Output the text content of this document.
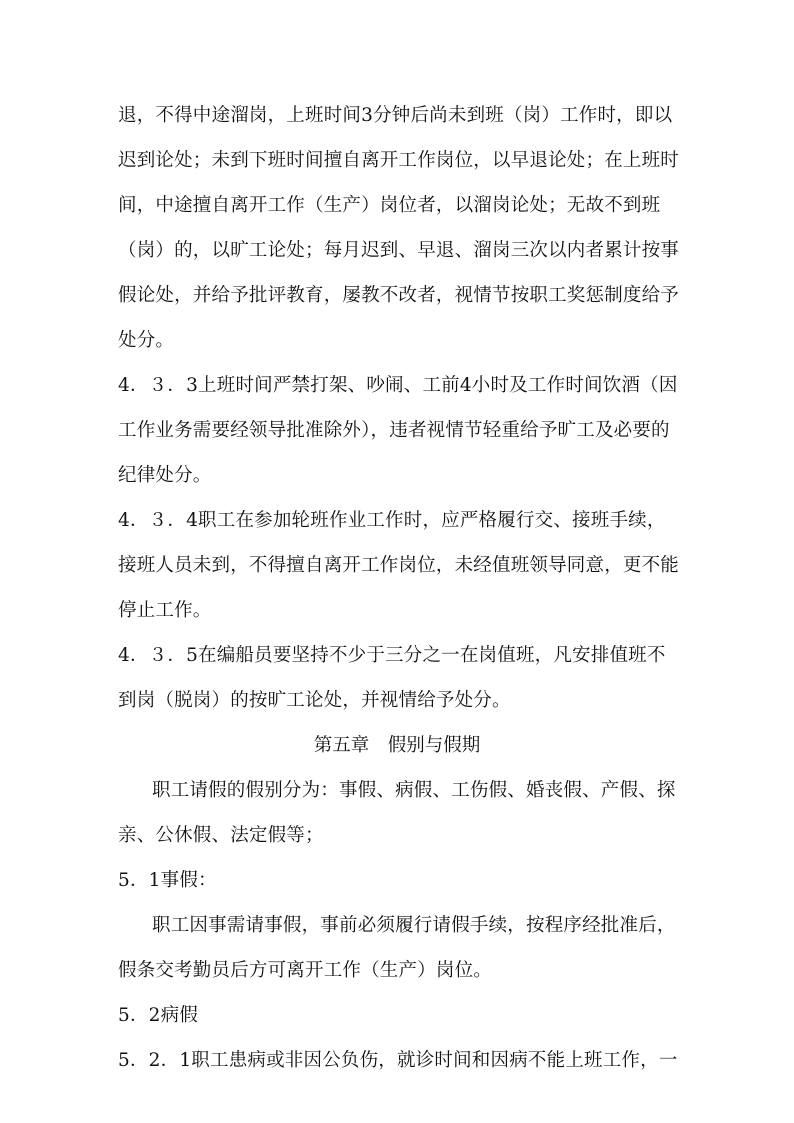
退，不得中途溜岗，上班时间3分钟后尚未到班（岗）工作时，即以
迟到论处；未到下班时间擅自离开工作岗位，以早退论处；在上班时
间，中途擅自离开工作（生产）岗位者，以溜岗论处；无故不到班
（岗）的，以旷工论处；每月迟到、早退、溜岗三次以内者累计按事
假论处，并给予批评教育，屡教不改者，视情节按职工奖惩制度给予
处分。
4．３．3上班时间严禁打架、吵闹、工前4小时及工作时间饮酒（因
工作业务需要经领导批准除外），违者视情节轻重给予旷工及必要的
纪律处分。
4．３．4职工在参加轮班作业工作时，应严格履行交、接班手续，
接班人员未到，不得擅自离开工作岗位，未经值班领导同意，更不能
停止工作。
4．３．5在编船员要坚持不少于三分之一在岗值班，凡安排值班不
到岗（脱岗）的按旷工论处，并视情给予处分。
第五章　假别与假期
职工请假的假别分为：事假、病假、工伤假、婚丧假、产假、探
亲、公休假、法定假等；
5．1事假：
职工因事需请事假，事前必须履行请假手续，按程序经批准后，
假条交考勤员后方可离开工作（生产）岗位。
5．2病假
5．2．1职工患病或非因公负伤，就诊时间和因病不能上班工作，一
